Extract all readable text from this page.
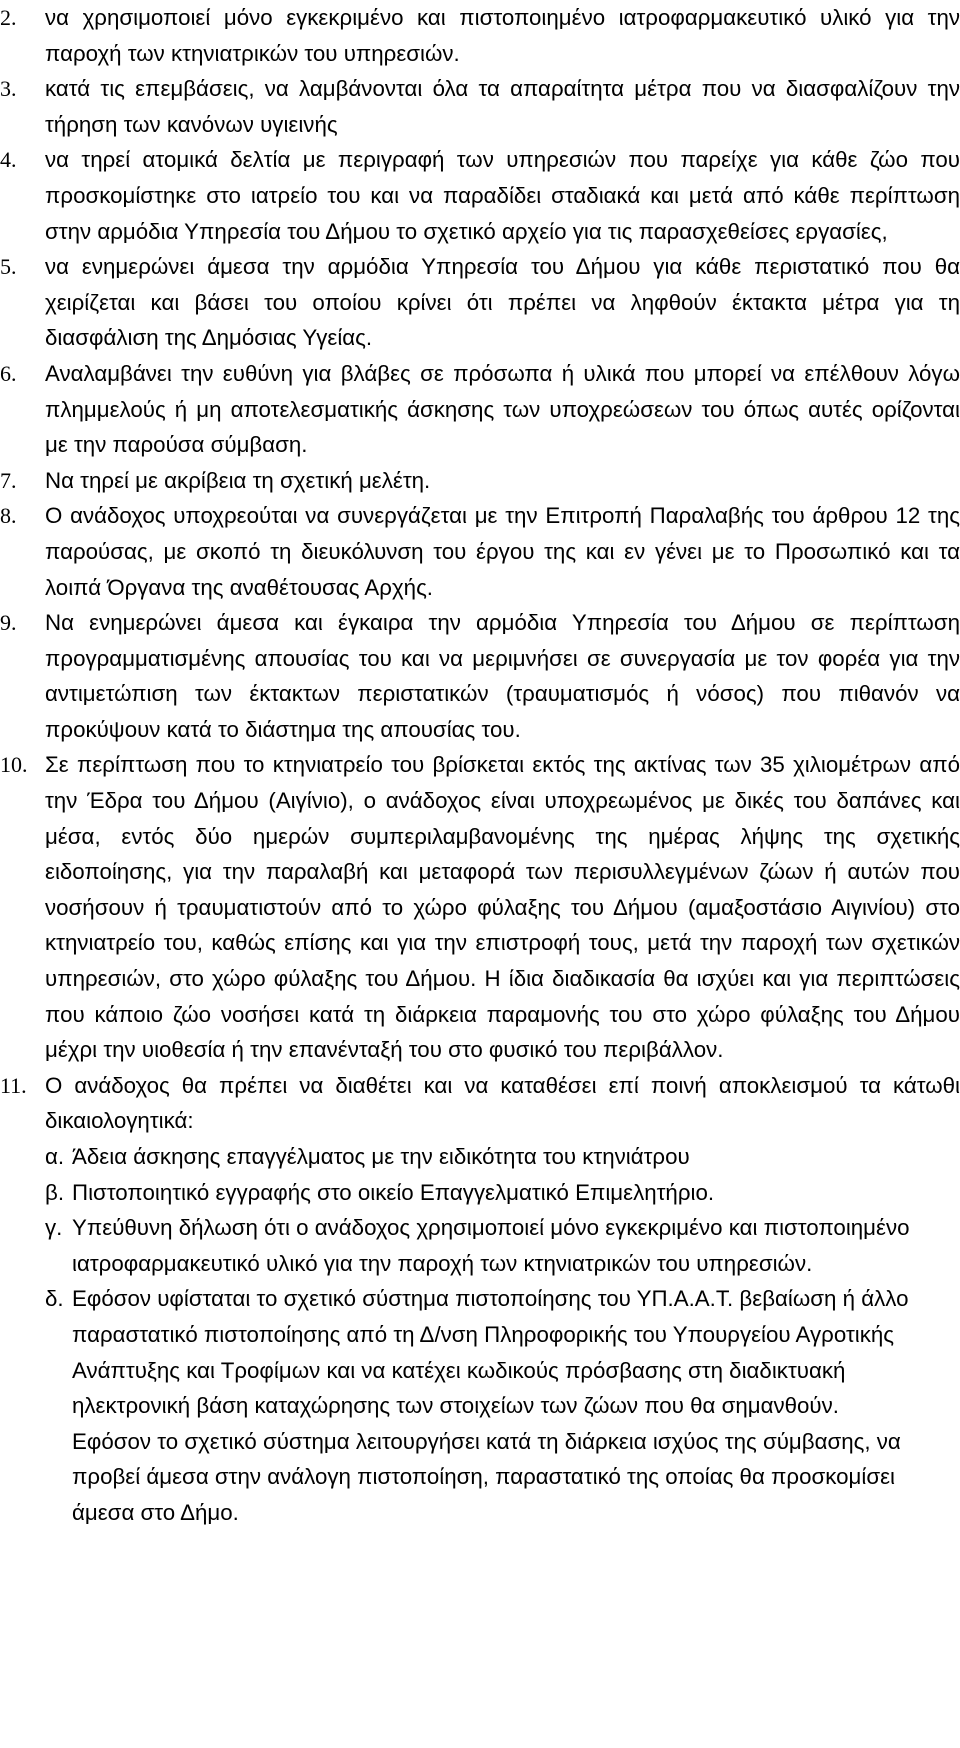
2. να χρησιμοποιεί μόνο εγκεκριμένο και πιστοποιημένο ιατροφαρμακευτικό υλικό για την παροχή των κτηνιατρικών του υπηρεσιών.

3. κατά τις επεμβάσεις, να λαμβάνονται όλα τα απαραίτητα μέτρα που να διασφαλίζουν την τήρηση των κανόνων υγιεινής

4. να τηρεί ατομικά δελτία με περιγραφή των υπηρεσιών που παρείχε για κάθε ζώο που προσκομίστηκε στο ιατρείο του και να παραδίδει σταδιακά και μετά από κάθε περίπτωση στην αρμόδια Υπηρεσία του Δήμου το σχετικό αρχείο για τις παρασχεθείσες εργασίες,

5. να ενημερώνει άμεσα την αρμόδια Υπηρεσία του Δήμου για κάθε περιστατικό που θα χειρίζεται και βάσει του οποίου κρίνει ότι πρέπει να ληφθούν έκτακτα μέτρα για τη διασφάλιση της Δημόσιας Υγείας.

6. Αναλαμβάνει την ευθύνη για βλάβες σε πρόσωπα ή υλικά που μπορεί να επέλθουν λόγω πλημμελούς ή μη αποτελεσματικής άσκησης των υποχρεώσεων του όπως αυτές ορίζονται με την παρούσα σύμβαση.

7. Να τηρεί με ακρίβεια τη σχετική μελέτη.

8. Ο ανάδοχος υποχρεούται να συνεργάζεται με την Επιτροπή Παραλαβής του άρθρου 12 της παρούσας, με σκοπό τη διευκόλυνση του έργου της και εν γένει με το Προσωπικό και τα λοιπά Όργανα της αναθέτουσας Αρχής.

9. Να ενημερώνει άμεσα και έγκαιρα την αρμόδια Υπηρεσία του Δήμου σε περίπτωση προγραμματισμένης απουσίας του και να μεριμνήσει σε συνεργασία με τον φορέα για την αντιμετώπιση των έκτακτων περιστατικών (τραυματισμός ή νόσος) που πιθανόν να προκύψουν κατά το διάστημα της απουσίας του.

10. Σε περίπτωση που το κτηνιατρείο του βρίσκεται εκτός της ακτίνας των 35 χιλιομέτρων από την Έδρα του Δήμου (Αιγίνιο), ο ανάδοχος είναι υποχρεωμένος με δικές του δαπάνες και μέσα, εντός δύο ημερών συμπεριλαμβανομένης της ημέρας λήψης της σχετικής ειδοποίησης, για την παραλαβή και μεταφορά των περισυλλεγμένων ζώων ή αυτών που νοσήσουν ή τραυματιστούν από το χώρο φύλαξης του Δήμου (αμαξοστάσιο Αιγινίου) στο κτηνιατρείο του, καθώς επίσης και για την επιστροφή τους, μετά την παροχή των σχετικών υπηρεσιών, στο χώρο φύλαξης του Δήμου. Η ίδια διαδικασία θα ισχύει και για περιπτώσεις που κάποιο ζώο νοσήσει κατά τη διάρκεια παραμονής του στο χώρο φύλαξης του Δήμου μέχρι την υιοθεσία ή την επανένταξή του στο φυσικό του περιβάλλον.

11. Ο ανάδοχος θα πρέπει να διαθέτει και να καταθέσει επί ποινή αποκλεισμού τα κάτωθι δικαιολογητικά:

α. Άδεια άσκησης επαγγέλματος με την ειδικότητα του κτηνιάτρου

β. Πιστοποιητικό εγγραφής στο οικείο Επαγγελματικό Επιμελητήριο.

γ. Υπεύθυνη δήλωση ότι ο ανάδοχος χρησιμοποιεί μόνο εγκεκριμένο και πιστοποιημένο ιατροφαρμακευτικό υλικό για την παροχή των κτηνιατρικών του υπηρεσιών.

δ. Εφόσον υφίσταται το σχετικό σύστημα πιστοποίησης του ΥΠ.Α.Α.Τ. βεβαίωση ή άλλο παραστατικό πιστοποίησης από τη Δ/νση Πληροφορικής του Υπουργείου Αγροτικής Ανάπτυξης και Τροφίμων και να κατέχει κωδικούς πρόσβασης στη διαδικτυακή ηλεκτρονική βάση καταχώρησης των στοιχείων των ζώων που θα σημανθούν.

Εφόσον το σχετικό σύστημα λειτουργήσει κατά τη διάρκεια ισχύος της σύμβασης, να προβεί άμεσα στην ανάλογη πιστοποίηση, παραστατικό της οποίας θα προσκομίσει άμεσα στο Δήμο.
